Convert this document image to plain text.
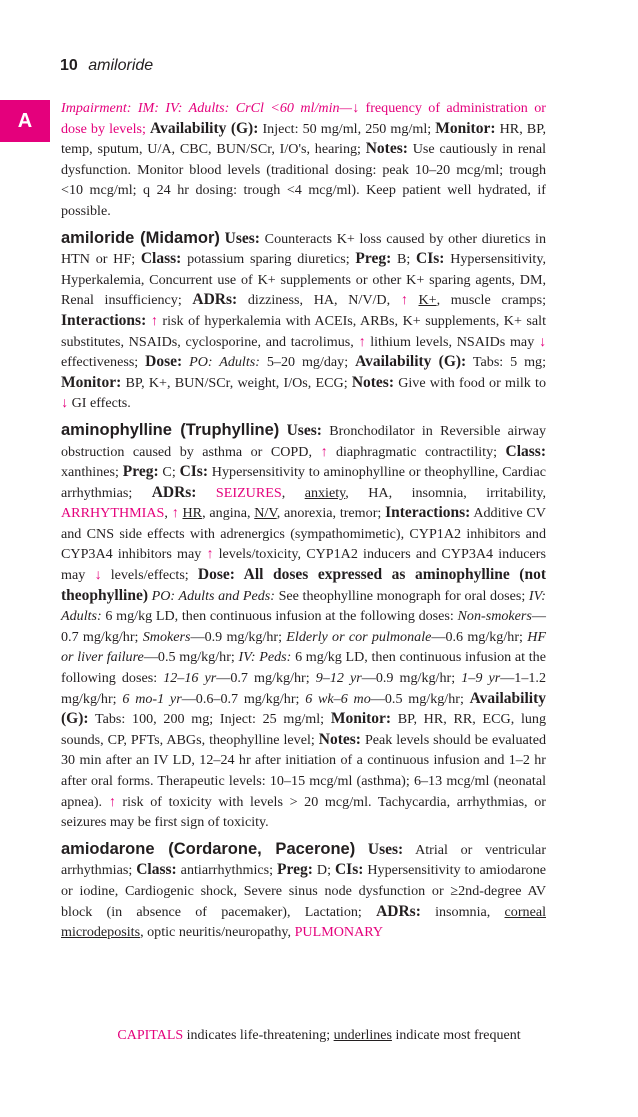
10 amiloride
A

Impairment: IM: IV: Adults: CrCl <60 ml/min—↓ frequency of administration or dose by levels; Availability (G): Inject: 50 mg/ml, 250 mg/ml; Monitor: HR, BP, temp, sputum, U/A, CBC, BUN/SCr, I/O's, hearing; Notes: Use cautiously in renal dysfunction. Monitor blood levels (traditional dosing: peak 10–20 mcg/ml; trough <10 mcg/ml; q 24 hr dosing: trough <4 mcg/ml). Keep patient well hydrated, if possible.

amiloride (Midamor) Uses: Counteracts K+ loss caused by other diuretics in HTN or HF; Class: potassium sparing diuretics; Preg: B; CIs: Hypersensitivity, Hyperkalemia, Concurrent use of K+ supplements or other K+ sparing agents, DM, Renal insufficiency; ADRs: dizziness, HA, N/V/D, ↑ K+, muscle cramps; Interactions: ↑ risk of hyperkalemia with ACEIs, ARBs, K+ supplements, K+ salt substitutes, NSAIDs, cyclosporine, and tacrolimus, ↑ lithium levels, NSAIDs may ↓ effectiveness; Dose: PO: Adults: 5–20 mg/day; Availability (G): Tabs: 5 mg; Monitor: BP, K+, BUN/SCr, weight, I/Os, ECG; Notes: Give with food or milk to ↓ GI effects.

aminophylline (Truphylline) Uses: Bronchodilator in Reversible airway obstruction caused by asthma or COPD, ↑ diaphragmatic contractility; Class: xanthines; Preg: C; CIs: Hypersensitivity to aminophylline or theophylline, Cardiac arrhythmias; ADRs: SEIZURES, anxiety, HA, insomnia, irritability, ARRHYTHMIAS, ↑ HR, angina, N/V, anorexia, tremor; Interactions: Additive CV and CNS side effects with adrenergics (sympathomimetic), CYP1A2 inhibitors and CYP3A4 inhibitors may ↑ levels/toxicity, CYP1A2 inducers and CYP3A4 inducers may ↓ levels/effects; Dose: All doses expressed as aminophylline (not theophylline) PO: Adults and Peds: See theophylline monograph for oral doses; IV: Adults: 6 mg/kg LD, then continuous infusion at the following doses: Non-smokers—0.7 mg/kg/hr; Smokers—0.9 mg/kg/hr; Elderly or cor pulmonale—0.6 mg/kg/hr; HF or liver failure—0.5 mg/kg/hr; IV: Peds: 6 mg/kg LD, then continuous infusion at the following doses: 12–16 yr—0.7 mg/kg/hr; 9–12 yr—0.9 mg/kg/hr; 1–9 yr—1–1.2 mg/kg/hr; 6 mo-1 yr—0.6–0.7 mg/kg/hr; 6 wk–6 mo—0.5 mg/kg/hr; Availability (G): Tabs: 100, 200 mg; Inject: 25 mg/ml; Monitor: BP, HR, RR, ECG, lung sounds, CP, PFTs, ABGs, theophylline level; Notes: Peak levels should be evaluated 30 min after an IV LD, 12–24 hr after initiation of a continuous infusion and 1–2 hr after oral forms. Therapeutic levels: 10–15 mcg/ml (asthma); 6–13 mcg/ml (neonatal apnea). ↑ risk of toxicity with levels > 20 mcg/ml. Tachycardia, arrhythmias, or seizures may be first sign of toxicity.

amiodarone (Cordarone, Pacerone) Uses: Atrial or ventricular arrhythmias; Class: antiarrhythmics; Preg: D; CIs: Hypersensitivity to amiodarone or iodine, Cardiogenic shock, Severe sinus node dysfunction or ≥2nd-degree AV block (in absence of pacemaker), Lactation; ADRs: insomnia, corneal microdeposits, optic neuritis/neuropathy, PULMONARY

CAPITALS indicates life-threatening; underlines indicate most frequent
